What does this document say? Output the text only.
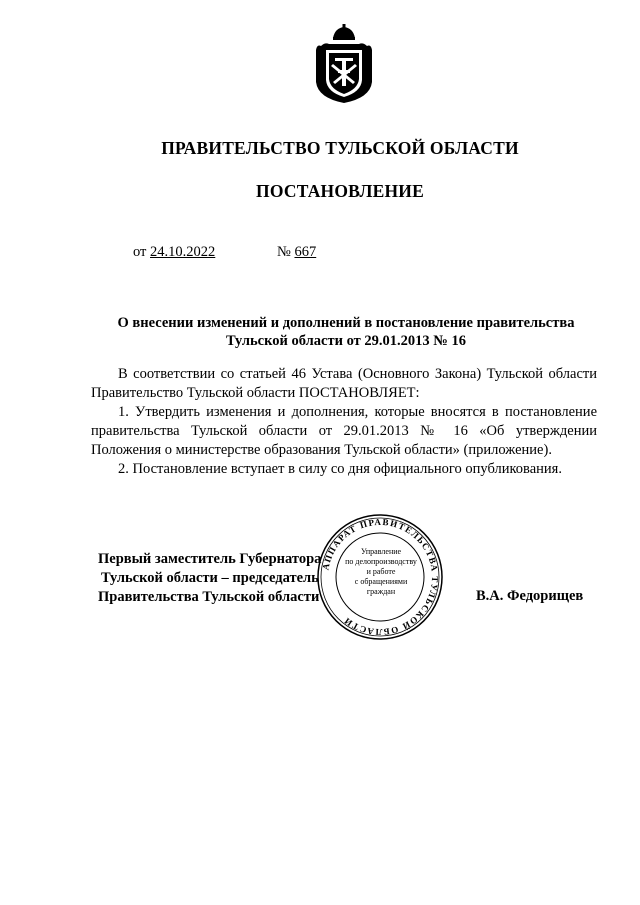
ПРАВИТЕЛЬСТВО ТУЛЬСКОЙ ОБЛАСТИ
ПОСТАНОВЛЕНИЕ
от 24.10.2022	№ 667
О внесении изменений и дополнений в постановление правительства
Тульской области от 29.01.2013 № 16

В соответствии со статьей 46 Устава (Основного Закона) Тульской области Правительство Тульской области ПОСТАНОВЛЯЕТ:

1. Утвердить изменения и дополнения, которые вносятся в постановление правительства Тульской области от 29.01.2013 № 16 «Об утверждении Положения о министерстве образования Тульской области» (приложение).

2. Постановление вступает в силу со дня официального опубликования.

Первый заместитель Губернатора
Тульской области – председатель
Правительства Тульской области	В.А. Федорищев
АППАРАТ ПРАВИТЕЛЬСТВА ТУЛЬСКОЙ ОБЛАСТИ
Управление
по делопроизводству
и работе
с обращениями
граждан
